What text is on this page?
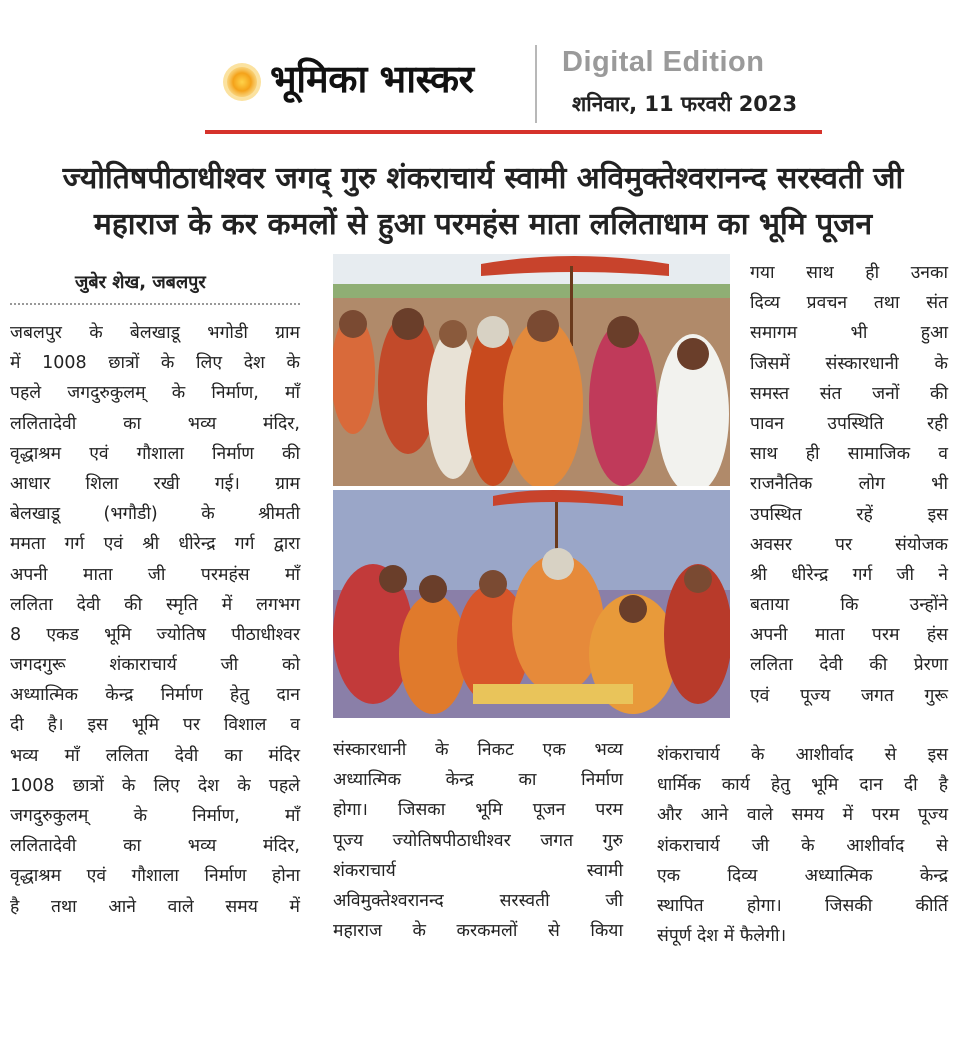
भूमिका भास्कर	Digital Edition
शनिवार, 11 फरवरी 2023
ज्योतिषपीठाधीश्वर जगद् गुरु शंकराचार्य स्वामी अविमुक्तेश्वरानन्द सरस्वती जी
महाराज के कर कमलों से हुआ परमहंस माता ललिताधाम का भूमि पूजन
जुबेर शेख, जबलपुर
जबलपुर के बेलखाडू भगोडी ग्राम
में 1008 छात्रों के लिए देश के
पहले जगदुरुकुलम् के निर्माण, माँ
ललितादेवी का भव्य मंदिर,
वृद्धाश्रम एवं गौशाला निर्माण की
आधार शिला रखी गई। ग्राम
बेलखाडू (भगौडी) के श्रीमती
ममता गर्ग एवं श्री धीरेन्द्र गर्ग द्वारा
अपनी माता जी परमहंस माँ
ललिता देवी की स्मृति में लगभग
8 एकड भूमि ज्योतिष पीठाधीश्वर
जगदगुरू शंकाराचार्य जी को
अध्यात्मिक केन्द्र निर्माण हेतु दान
दी है। इस भूमि पर विशाल व
भव्य माँ ललिता देवी का मंदिर
1008 छात्रों के लिए देश के पहले
जगदुरुकुलम् के निर्माण, माँ
ललितादेवी का भव्य मंदिर,
वृद्धाश्रम एवं गौशाला निर्माण होना
है तथा आने वाले समय में
संस्कारधानी के निकट एक भव्य
अध्यात्मिक केन्द्र का निर्माण
होगा। जिसका भूमि पूजन परम
पूज्य ज्योतिषपीठाधीश्वर जगत गुरु
शंकराचार्य स्वामी
अविमुक्तेश्वरानन्द सरस्वती जी
महाराज के करकमलों से किया
गया साथ ही उनका
दिव्य प्रवचन तथा संत
समागम भी हुआ
जिसमें संस्कारधानी के
समस्त संत जनों की
पावन उपस्थिति रही
साथ ही सामाजिक व
राजनैतिक लोग भी
उपस्थित रहें इस
अवसर पर संयोजक
श्री धीरेन्द्र गर्ग जी ने
बताया कि उन्होंने
अपनी माता परम हंस
ललिता देवी की प्रेरणा
एवं पूज्य जगत गुरू
शंकराचार्य के आशीर्वाद से इस
धार्मिक कार्य हेतु भूमि दान दी है
और आने वाले समय में परम पूज्य
शंकराचार्य जी के आशीर्वाद से
एक दिव्य अध्यात्मिक केन्द्र
स्थापित होगा। जिसकी कीर्ति
संपूर्ण देश में फैलेगी।
